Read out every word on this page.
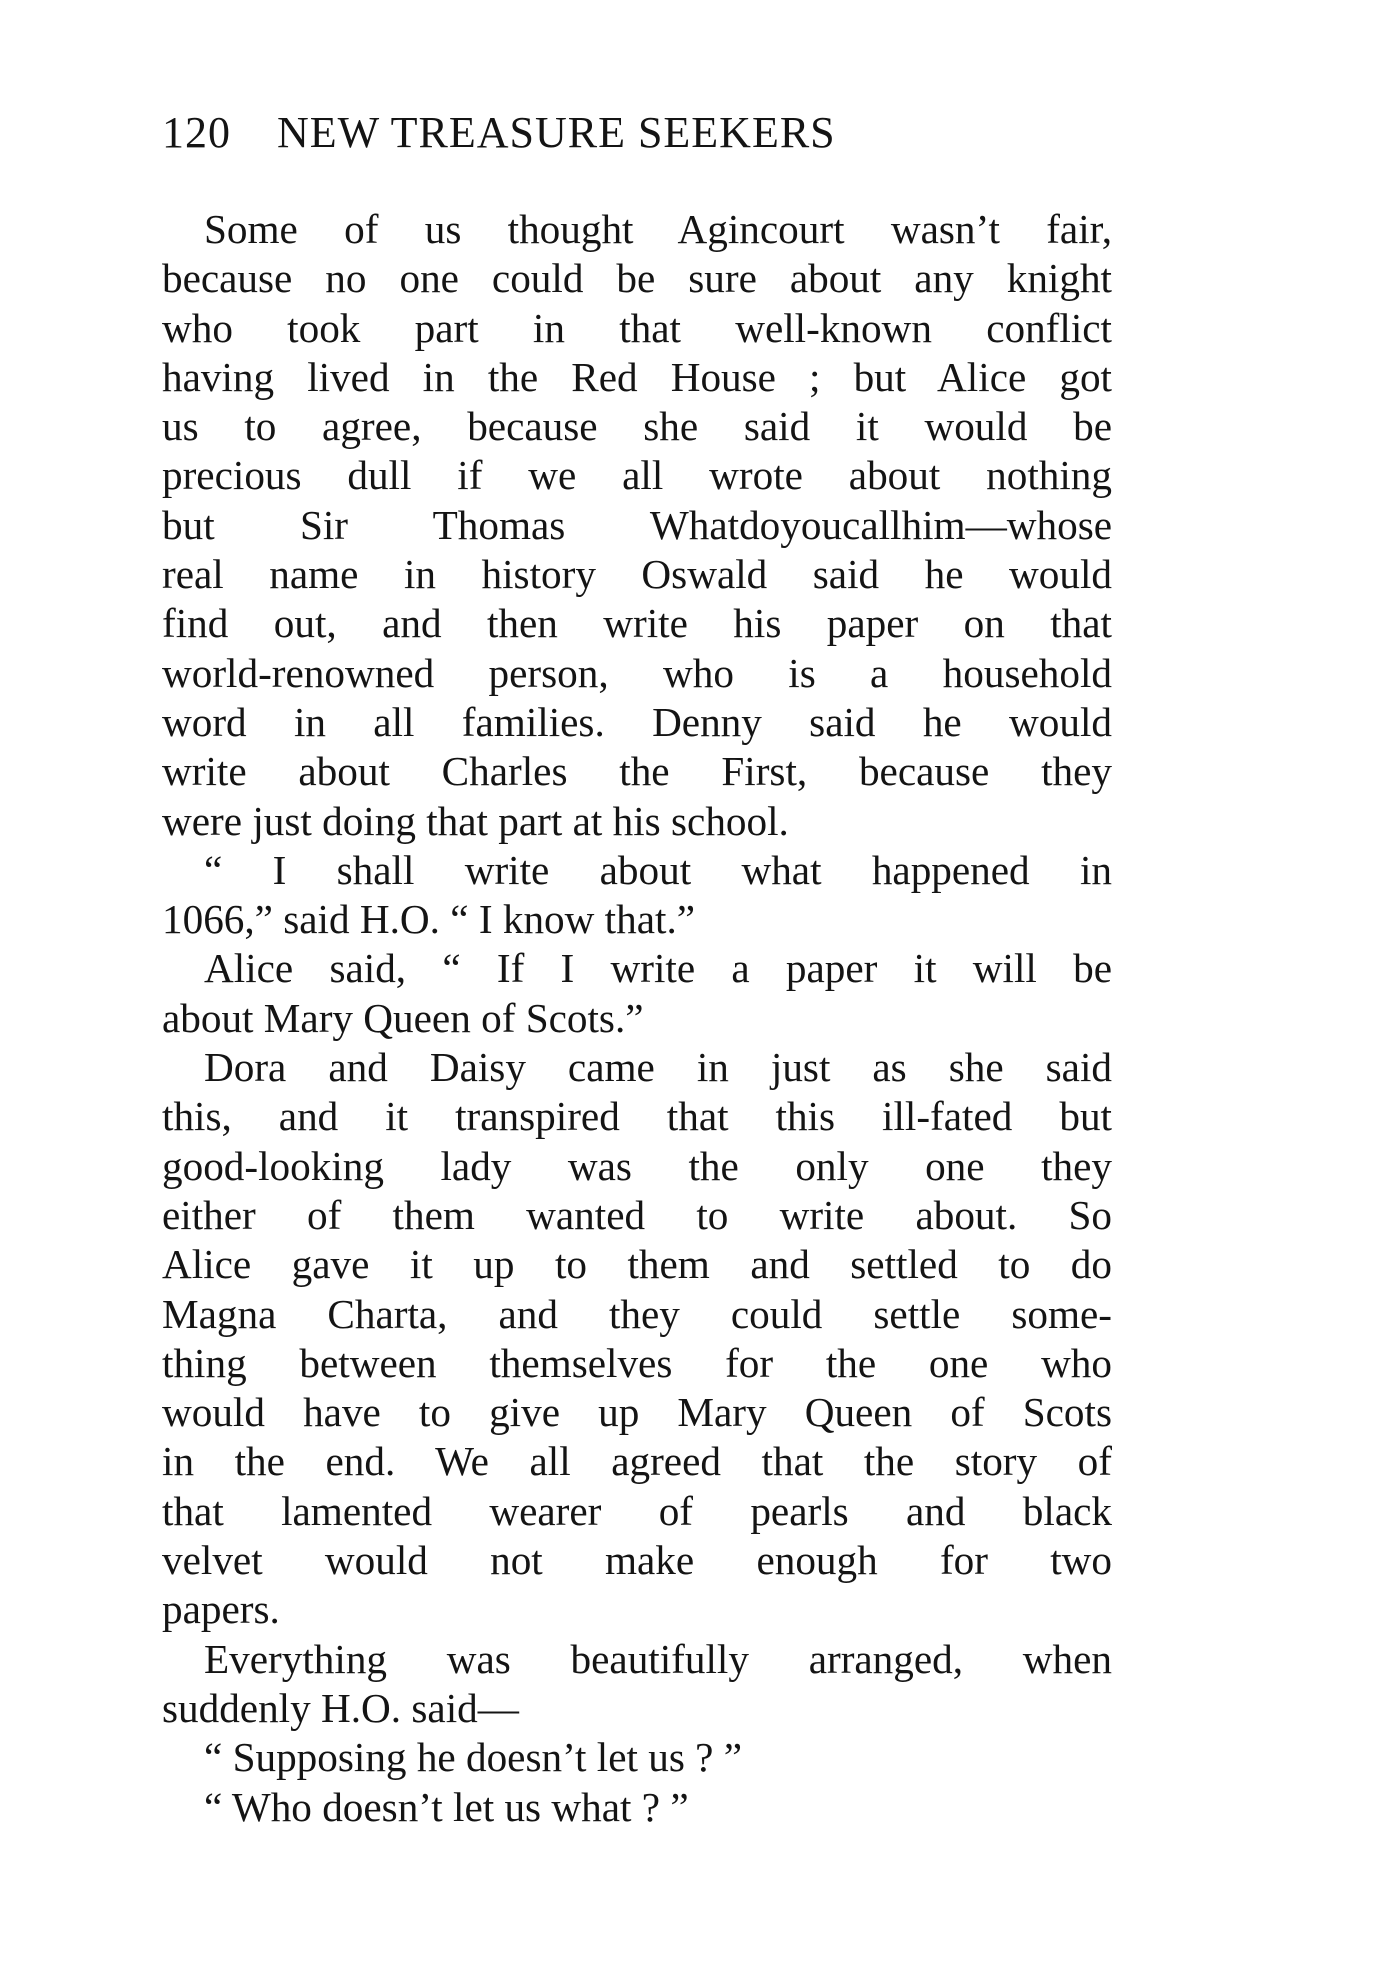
120 NEW TREASURE SEEKERS
Some of us thought Agincourt wasn’t fair,
because no one could be sure about any knight
who took part in that well-known conflict
having lived in the Red House ; but Alice got
us to agree, because she said it would be
precious dull if we all wrote about nothing
but Sir Thomas Whatdoyoucallhim—whose
real name in history Oswald said he would
find out, and then write his paper on that
world-renowned person, who is a household
word in all families. Denny said he would
write about Charles the First, because they
were just doing that part at his school.
“ I shall write about what happened in
1066,” said H.O. “ I know that.”
Alice said, “ If I write a paper it will be
about Mary Queen of Scots.”
Dora and Daisy came in just as she said
this, and it transpired that this ill-fated but
good-looking lady was the only one they
either of them wanted to write about. So
Alice gave it up to them and settled to do
Magna Charta, and they could settle some-
thing between themselves for the one who
would have to give up Mary Queen of Scots
in the end. We all agreed that the story of
that lamented wearer of pearls and black
velvet would not make enough for two
papers.
Everything was beautifully arranged, when
suddenly H.O. said—
“ Supposing he doesn’t let us ? ”
“ Who doesn’t let us what ? ”
